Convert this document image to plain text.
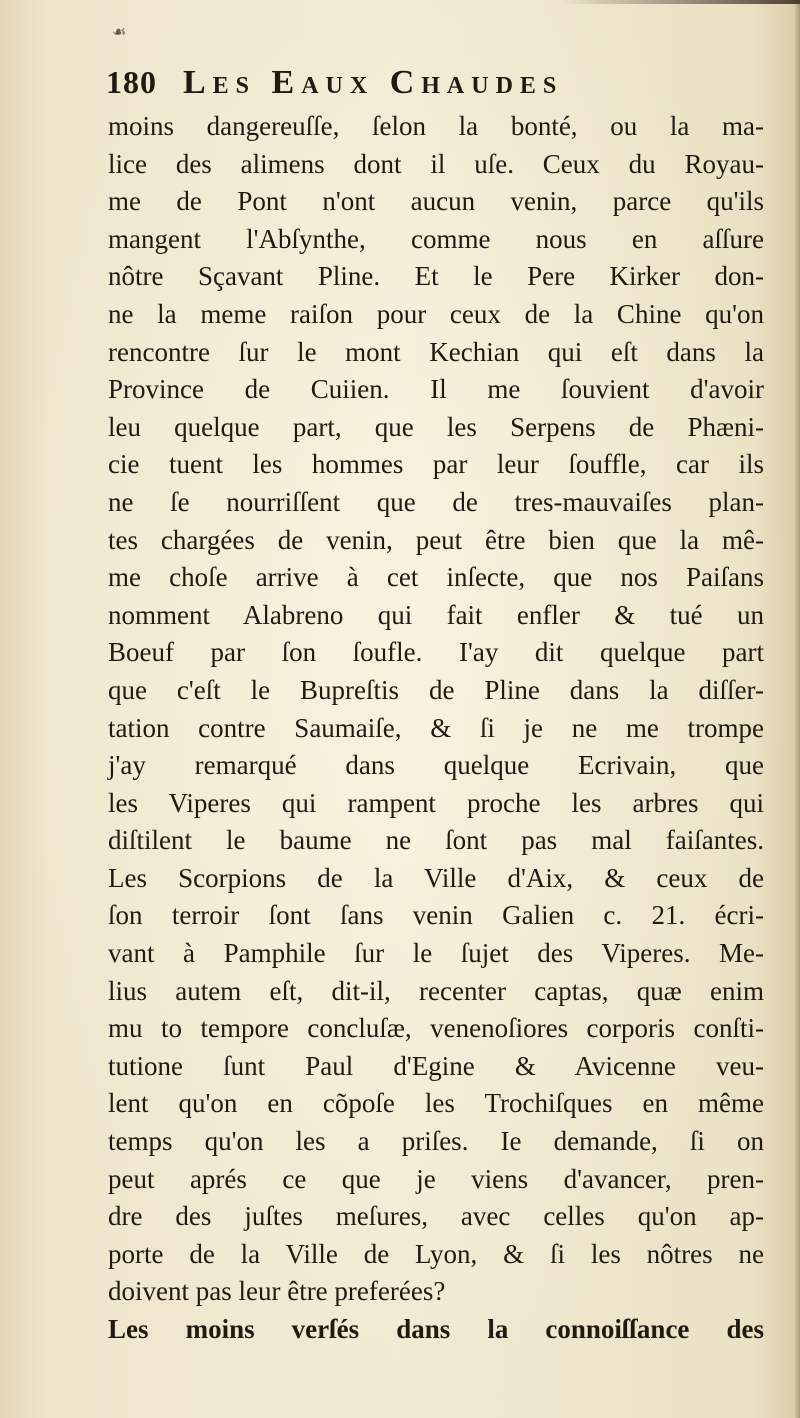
☙
180 Les Eaux Chaudes
moins dangereuſſe, ſelon la bonté, ou la ma-
lice des alimens dont il uſe. Ceux du Royau-
me de Pont n'ont aucun venin, parce qu'ils
mangent l'Abſynthe, comme nous en aſſure
nôtre Sçavant Pline. Et le Pere Kirker don-
ne la meme raiſon pour ceux de la Chine qu'on
rencontre ſur le mont Kechian qui eſt dans la
Province de Cuiien. Il me ſouvient d'avoir
leu quelque part, que les Serpens de Phæni-
cie tuent les hommes par leur ſouffle, car ils
ne ſe nourriſſent que de tres-mauvaiſes plan-
tes chargées de venin, peut être bien que la mê-
me choſe arrive à cet inſecte, que nos Paiſans
nomment Alabreno qui fait enfler & tué un
Boeuf par ſon ſoufle. I'ay dit quelque part
que c'eſt le Bupreſtis de Pline dans la diſſer-
tation contre Saumaiſe, & ſi je ne me trompe
j'ay remarqué dans quelque Ecrivain, que
les Viperes qui rampent proche les arbres qui
diſtilent le baume ne ſont pas mal faiſantes.
Les Scorpions de la Ville d'Aix, & ceux de
ſon terroir ſont ſans venin Galien c. 21. écri-
vant à Pamphile ſur le ſujet des Viperes. Me-
lius autem eſt, dit-il, recenter captas, quæ enim
mu to tempore concluſæ, venenoſiores corporis conſti-
tutione ſunt Paul d'Egine & Avicenne veu-
lent qu'on en cõpoſe les Trochiſques en même
temps qu'on les a priſes. Ie demande, ſi on
peut aprés ce que je viens d'avancer, pren-
dre des juſtes meſures, avec celles qu'on ap-
porte de la Ville de Lyon, & ſi les nôtres ne
doivent pas leur être preferées?
Les moins verſés dans la connoiſſance des
